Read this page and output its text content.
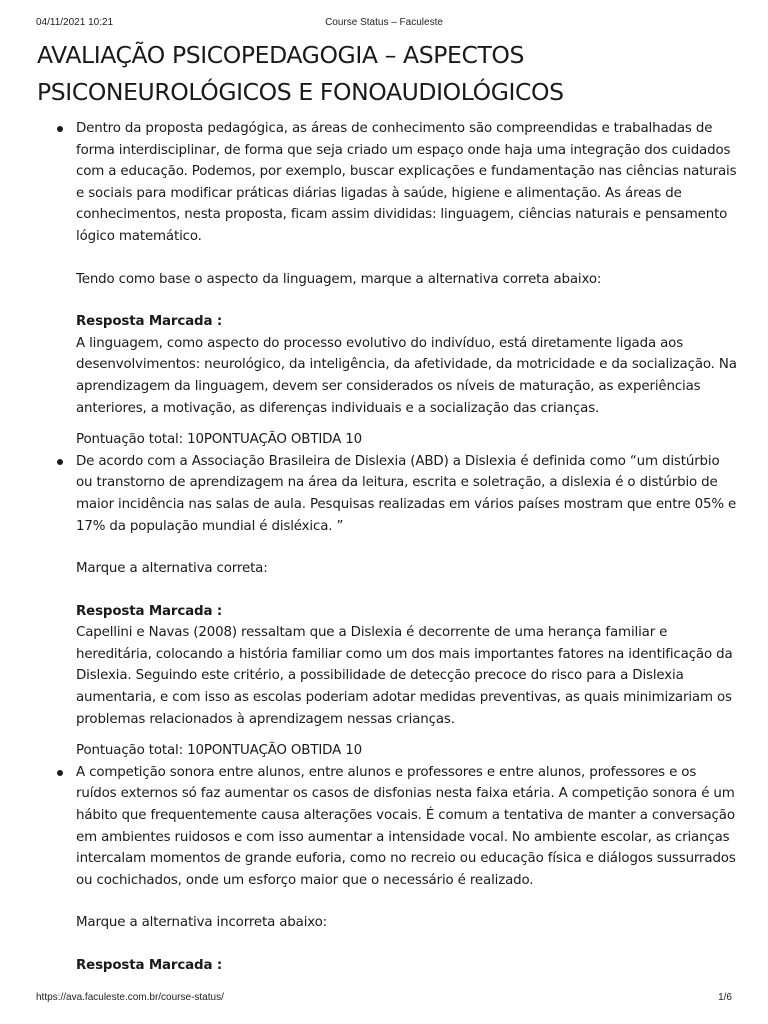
04/11/2021 10:21	Course Status – Faculeste
AVALIAÇÃO PSICOPEDAGOGIA – ASPECTOS PSICONEUROLÓGICOS E FONOAUDIOLÓGICOS

Dentro da proposta pedagógica, as áreas de conhecimento são compreendidas e trabalhadas de forma interdisciplinar, de forma que seja criado um espaço onde haja uma integração dos cuidados com a educação. Podemos, por exemplo, buscar explicações e fundamentação nas ciências naturais e sociais para modificar práticas diárias ligadas à saúde, higiene e alimentação. As áreas de conhecimentos, nesta proposta, ficam assim divididas: linguagem, ciências naturais e pensamento lógico matemático.

Tendo como base o aspecto da linguagem, marque a alternativa correta abaixo:

Resposta Marcada :

A linguagem, como aspecto do processo evolutivo do indivíduo, está diretamente ligada aos desenvolvimentos: neurológico, da inteligência, da afetividade, da motricidade e da socialização. Na aprendizagem da linguagem, devem ser considerados os níveis de maturação, as experiências anteriores, a motivação, as diferenças individuais e a socialização das crianças.

Pontuação total: 10PONTUAÇÃO OBTIDA 10

De acordo com a Associação Brasileira de Dislexia (ABD) a Dislexia é definida como “um distúrbio ou transtorno de aprendizagem na área da leitura, escrita e soletração, a dislexia é o distúrbio de maior incidência nas salas de aula. Pesquisas realizadas em vários países mostram que entre 05% e 17% da população mundial é disléxica. ”

Marque a alternativa correta:

Resposta Marcada :

Capellini e Navas (2008) ressaltam que a Dislexia é decorrente de uma herança familiar e hereditária, colocando a história familiar como um dos mais importantes fatores na identificação da Dislexia. Seguindo este critério, a possibilidade de detecção precoce do risco para a Dislexia aumentaria, e com isso as escolas poderiam adotar medidas preventivas, as quais minimizariam os problemas relacionados à aprendizagem nessas crianças.

Pontuação total: 10PONTUAÇÃO OBTIDA 10

A competição sonora entre alunos, entre alunos e professores e entre alunos, professores e os ruídos externos só faz aumentar os casos de disfonias nesta faixa etária. A competição sonora é um hábito que frequentemente causa alterações vocais. É comum a tentativa de manter a conversação em ambientes ruidosos e com isso aumentar a intensidade vocal. No ambiente escolar, as crianças intercalam momentos de grande euforia, como no recreio ou educação física e diálogos sussurrados ou cochichados, onde um esforço maior que o necessário é realizado.

Marque a alternativa incorreta abaixo:

Resposta Marcada :

https://ava.faculeste.com.br/course-status/	1/6
